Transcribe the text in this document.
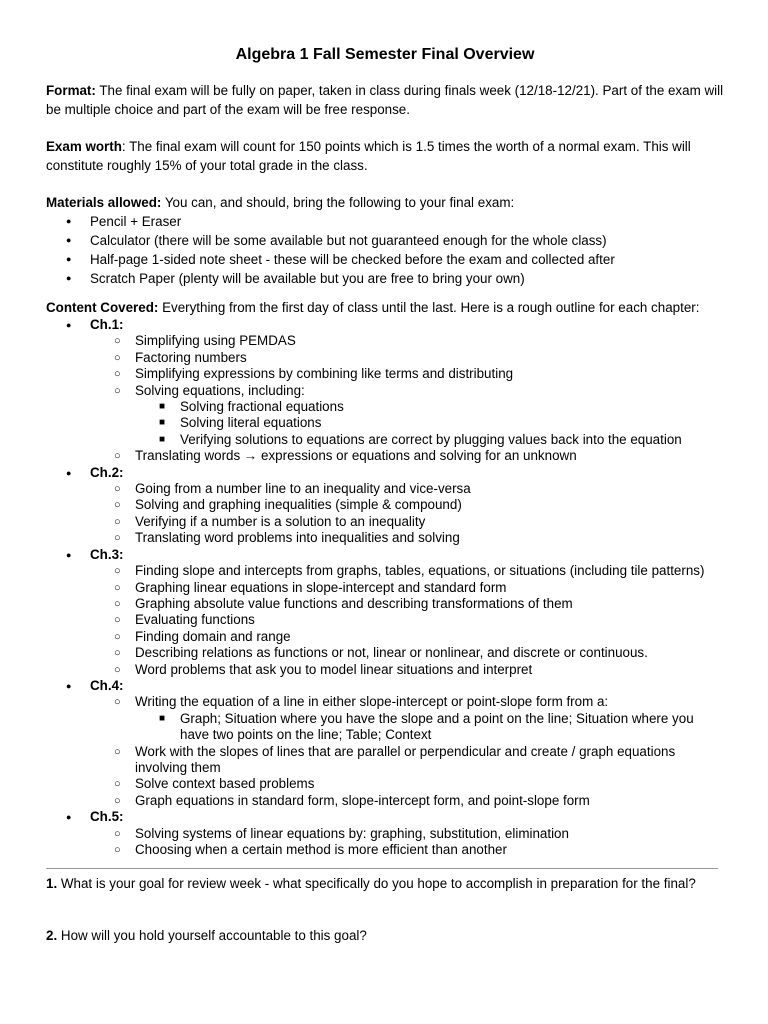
Algebra 1 Fall Semester Final Overview

Format: The final exam will be fully on paper, taken in class during finals week (12/18-12/21). Part of the exam will be multiple choice and part of the exam will be free response.

Exam worth: The final exam will count for 150 points which is 1.5 times the worth of a normal exam. This will constitute roughly 15% of your total grade in the class.

Materials allowed: You can, and should, bring the following to your final exam:

● Pencil + Eraser
● Calculator (there will be some available but not guaranteed enough for the whole class)
● Half-page 1-sided note sheet - these will be checked before the exam and collected after
● Scratch Paper (plenty will be available but you are free to bring your own)

Content Covered: Everything from the first day of class until the last. Here is a rough outline for each chapter:

● Ch.1:
○ Simplifying using PEMDAS
○ Factoring numbers
○ Simplifying expressions by combining like terms and distributing
○ Solving equations, including:
■ Solving fractional equations
■ Solving literal equations
■ Verifying solutions to equations are correct by plugging values back into the equation
○ Translating words → expressions or equations and solving for an unknown
● Ch.2:
○ Going from a number line to an inequality and vice-versa
○ Solving and graphing inequalities (simple & compound)
○ Verifying if a number is a solution to an inequality
○ Translating word problems into inequalities and solving
● Ch.3:
○ Finding slope and intercepts from graphs, tables, equations, or situations (including tile patterns)
○ Graphing linear equations in slope-intercept and standard form
○ Graphing absolute value functions and describing transformations of them
○ Evaluating functions
○ Finding domain and range
○ Describing relations as functions or not, linear or nonlinear, and discrete or continuous.
○ Word problems that ask you to model linear situations and interpret
● Ch.4:
○ Writing the equation of a line in either slope-intercept or point-slope form from a:
■ Graph; Situation where you have the slope and a point on the line; Situation where you have two points on the line; Table; Context
○ Work with the slopes of lines that are parallel or perpendicular and create / graph equations involving them
○ Solve context based problems
○ Graph equations in standard form, slope-intercept form, and point-slope form
● Ch.5:
○ Solving systems of linear equations by: graphing, substitution, elimination
○ Choosing when a certain method is more efficient than another

1. What is your goal for review week - what specifically do you hope to accomplish in preparation for the final?

2. How will you hold yourself accountable to this goal?
